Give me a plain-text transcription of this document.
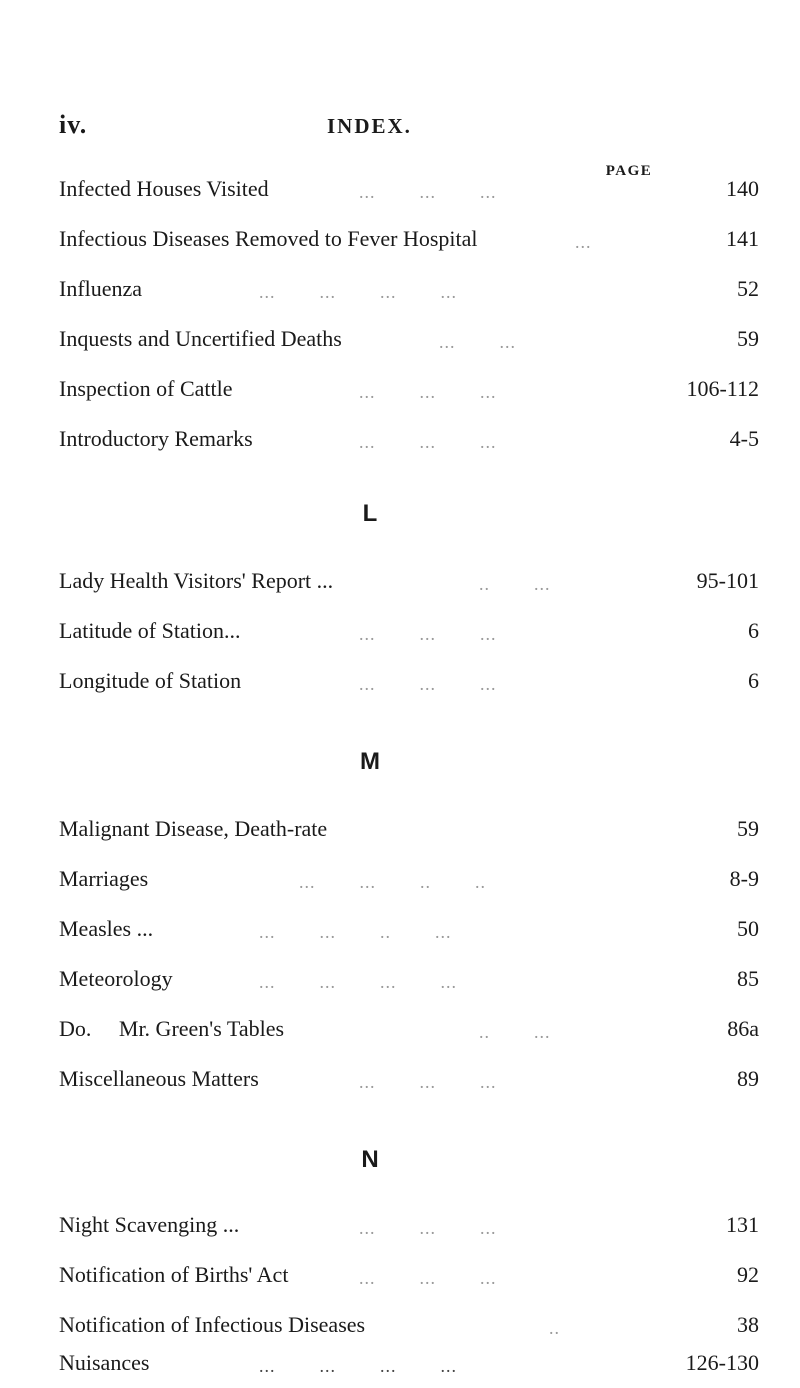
iv.	INDEX.
PAGE
Infected Houses Visited	...        ...        ...	140
Infectious Diseases Removed to Fever Hospital	...	141
Influenza	...        ...        ...        ...	52
Inquests and Uncertified Deaths	...        ...	59
Inspection of Cattle	...        ...        ...	106-112
Introductory Remarks	...        ...        ...	4-5
L
Lady Health Visitors' Report ...	..        ...	95-101
Latitude of Station...	...        ...        ...	6
Longitude of Station	...        ...        ...	6
M
Malignant Disease, Death-rate	59
Marriages	...        ...        ..        ..	8-9
Measles ...	...        ...        ..        ...	50
Meteorology	...        ...        ...        ...	85
Do.     Mr. Green's Tables	..        ...	86a
Miscellaneous Matters	...        ...        ...	89
N
Night Scavenging ...	...        ...        ...	131
Notification of Births' Act	...        ...        ...	92
Notification of Infectious Diseases	..	38
Nuisances	...        ...        ...        ...	126-130
